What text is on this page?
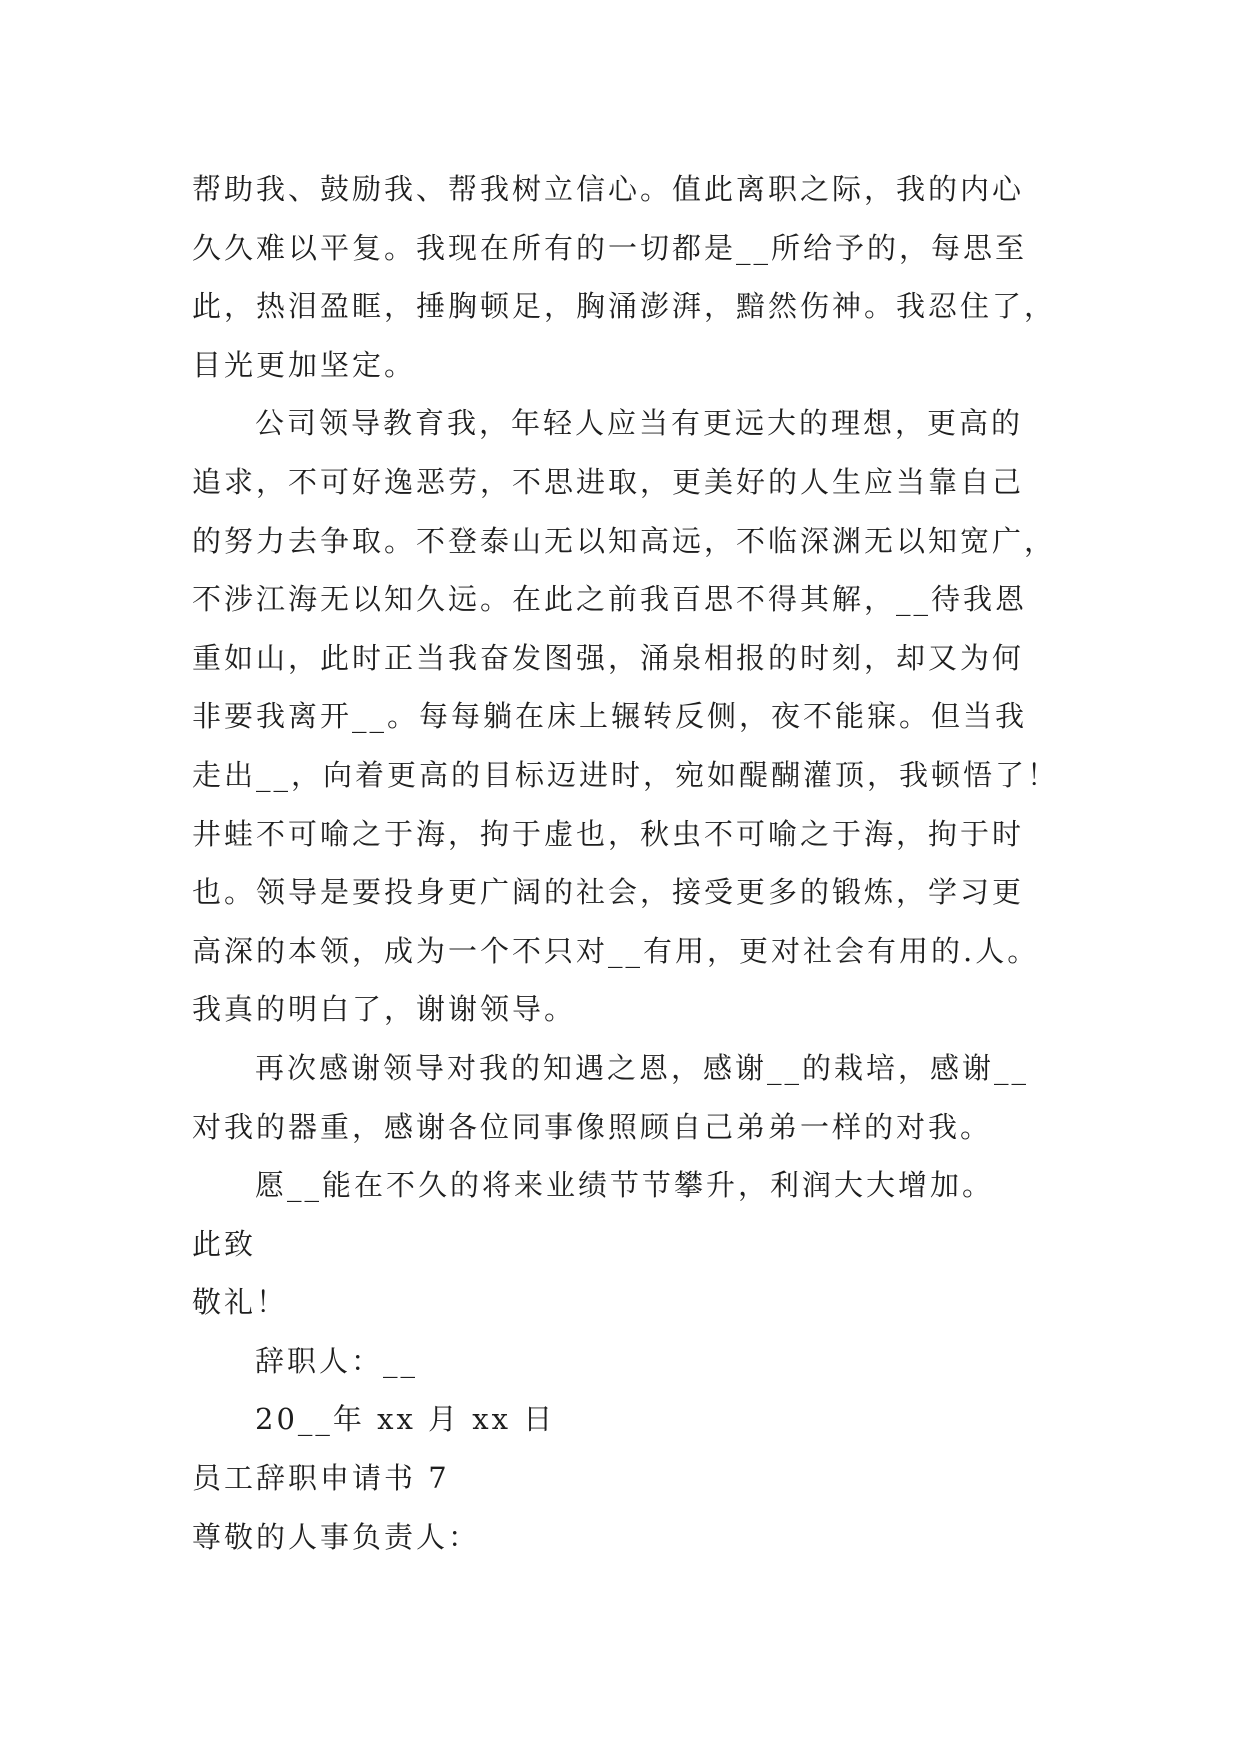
帮助我、鼓励我、帮我树立信心。值此离职之际，我的内心
久久难以平复。我现在所有的一切都是__所给予的，每思至
此，热泪盈眶，捶胸顿足，胸涌澎湃，黯然伤神。我忍住了，
目光更加坚定。
公司领导教育我，年轻人应当有更远大的理想，更高的
追求，不可好逸恶劳，不思进取，更美好的人生应当靠自己
的努力去争取。不登泰山无以知高远，不临深渊无以知宽广，
不涉江海无以知久远。在此之前我百思不得其解，__待我恩
重如山，此时正当我奋发图强，涌泉相报的时刻，却又为何
非要我离开__。每每躺在床上辗转反侧，夜不能寐。但当我
走出__，向着更高的目标迈进时，宛如醍醐灌顶，我顿悟了！
井蛙不可喻之于海，拘于虚也，秋虫不可喻之于海，拘于时
也。领导是要投身更广阔的社会，接受更多的锻炼，学习更
高深的本领，成为一个不只对__有用，更对社会有用的.人。
我真的明白了，谢谢领导。
再次感谢领导对我的知遇之恩，感谢__的栽培，感谢__
对我的器重，感谢各位同事像照顾自己弟弟一样的对我。
愿__能在不久的将来业绩节节攀升，利润大大增加。
此致
敬礼！
辞职人：__
20__年 xx 月 xx 日
员工辞职申请书 7
尊敬的人事负责人：
